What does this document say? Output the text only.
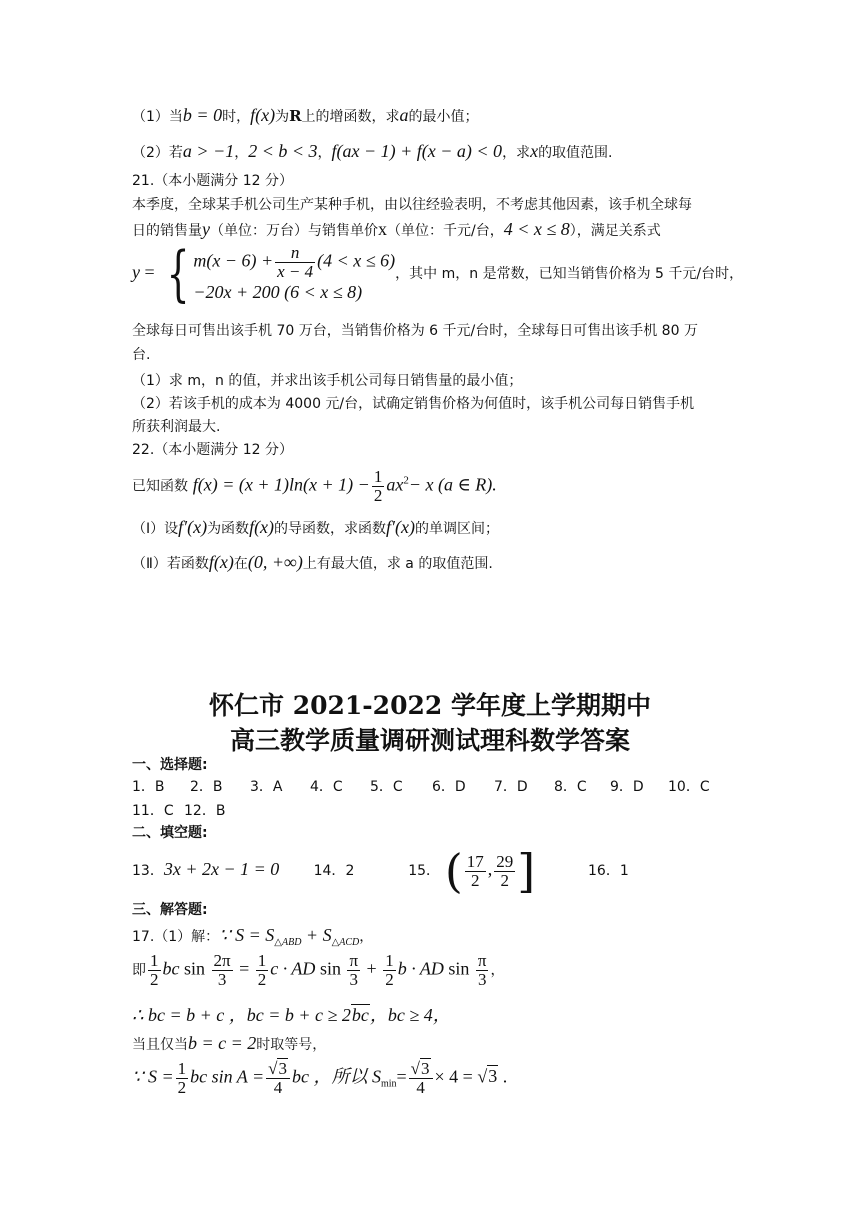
（1）当b = 0时，f(x)为R上的增函数，求a的最小值；
（2）若a > −1，2 < b < 3，f(ax − 1) + f(x − a) < 0，求x的取值范围.
21.（本小题满分 12 分）
本季度，全球某手机公司生产某种手机，由以往经验表明，不考虑其他因素，该手机全球每
日的销售量y（单位：万台）与销售单价x（单位：千元/台，4 < x ≤ 8），满足关系式
y = { $m(x - 6) + \frac{n}{x - 4} (4 < x \le 6)$
−20x + 200 (6 < x ≤ 8)
，其中 m，n 是常数，已知当销售价格为 5 千元/台时，
全球每日可售出该手机 70 万台，当销售价格为 6 千元/台时，全球每日可售出该手机 80 万
台.
（1）求 m，n 的值，并求出该手机公司每日销售量的最小值；
（2）若该手机的成本为 4000 元/台，试确定销售价格为何值时，该手机公司每日销售手机
所获利润最大.
22.（本小题满分 12 分）
已知函数 $f(x) = (x + 1)\ln(x + 1) - \frac{1}{2} ax^2- x$ (a ∈ R).
（Ⅰ）设f′(x)为函数f(x)的导函数，求函数f′(x)的单调区间；
（Ⅱ）若函数f(x)在(0, +∞)上有最大值，求 a 的取值范围.
怀仁市 2021-2022 学年度上学期期中
高三教学质量调研测试理科数学答案
一、选择题:
1．B 2．B 3．A 4．C 5．C 6．D 7．D 8．C 9．D 10．C
11．C 12．B
二、填空题:
13．3x + 2x − 1 = 0 14．2	15． ( $\frac{17}{2}$ , $\frac{29}{2}$ ]	16．1
三、解答题:
17.（1）解：∵ $S = S_{\triangle ABD} + S_{\triangle ACD}$，
即 $\frac{1}{2}$ bc $\sin \frac{2\pi}{3} = \frac{1}{2}$ c · AD $\sin \frac{\pi}{3} + \frac{1}{2}$ b · AD $\sin \frac{\pi}{3}$ ，
∴ bc = b + c ，bc = b + c ≥ 2bc，bc ≥ 4，
当且仅当b = c = 2时取等号，
∵ $S = \frac{1}{2}$ bc $\sin A = \frac{√3}{4}$ bc ，所以 $S_{min}= \frac{√3}{4} \times 4 = √3$ .
